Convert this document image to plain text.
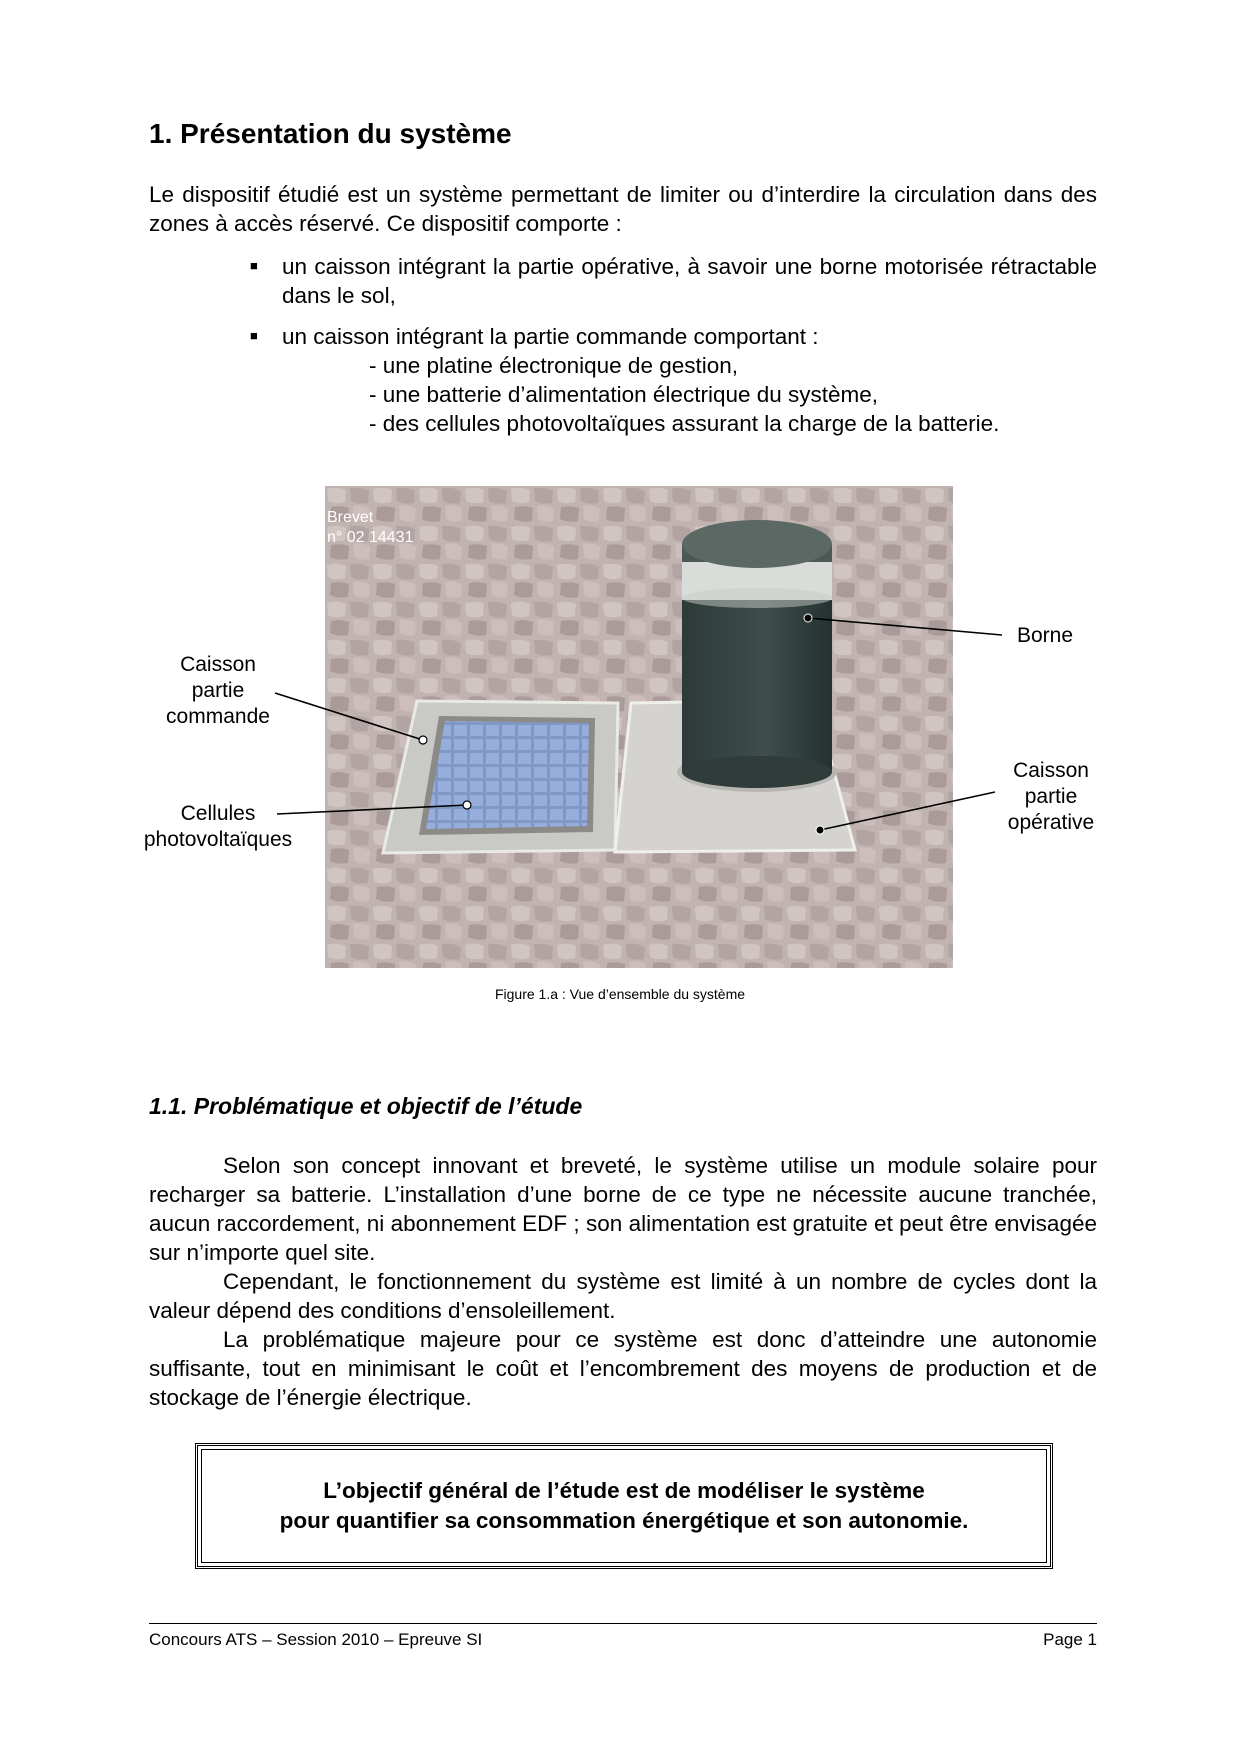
1. Présentation du système

Le dispositif étudié est un système permettant de limiter ou d’interdire la circulation dans des zones à accès réservé. Ce dispositif comporte :

■ un caisson intégrant la partie opérative, à savoir une borne motorisée rétractable dans le sol,

■ un caisson intégrant la partie commande comportant :

- une platine électronique de gestion,
- une batterie d’alimentation électrique du système,
- des cellules photovoltaïques assurant la charge de la batterie.
Brevet
n° 02 14431
Borne
Caisson
partie
commande
Cellules
photovoltaïques
Caisson
partie
opérative
Figure 1.a : Vue d’ensemble du système
1.1. Problématique et objectif de l’étude

Selon son concept innovant et breveté, le système utilise un module solaire pour recharger sa batterie. L’installation d’une borne de ce type ne nécessite aucune tranchée, aucun raccordement, ni abonnement EDF ; son alimentation est gratuite et peut être envisagée sur n’importe quel site.

Cependant, le fonctionnement du système est limité à un nombre de cycles dont la valeur dépend des conditions d’ensoleillement.

La problématique majeure pour ce système est donc d’atteindre une autonomie suffisante, tout en minimisant le coût et l’encombrement des moyens de production et de stockage de l’énergie électrique.

L’objectif général de l’étude est de modéliser le système
pour quantifier sa consommation énergétique et son autonomie.
Concours ATS – Session 2010 – Epreuve SI	Page 1
